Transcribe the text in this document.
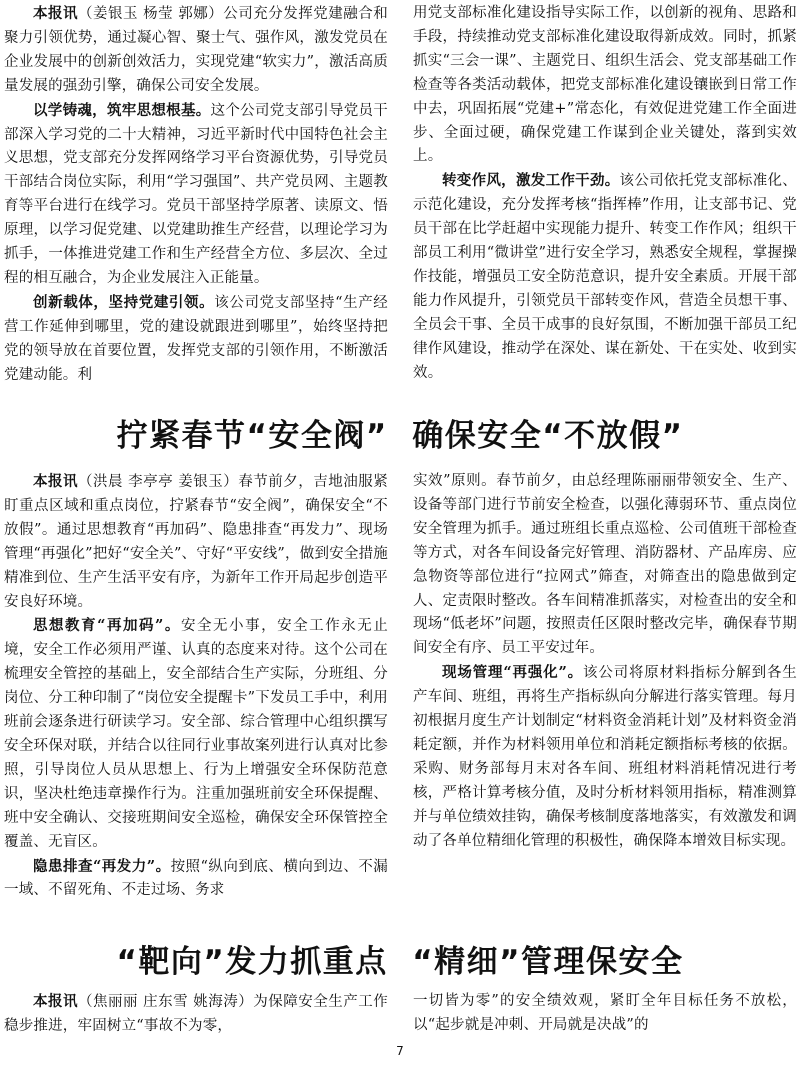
本报讯（姜银玉 杨莹 郭娜）公司充分发挥党建融合和聚力引领优势，通过凝心智、聚士气、强作风，激发党员在企业发展中的创新创效活力，实现党建“软实力”，激活高质量发展的强劲引擎，确保公司安全发展。

以学铸魂，筑牢思想根基。这个公司党支部引导党员干部深入学习党的二十大精神，习近平新时代中国特色社会主义思想，党支部充分发挥网络学习平台资源优势，引导党员干部结合岗位实际，利用“学习强国”、共产党员网、主题教育等平台进行在线学习。党员干部坚持学原著、读原文、悟原理，以学习促党建、以党建助推生产经营，以理论学习为抓手，一体推进党建工作和生产经营全方位、多层次、全过程的相互融合，为企业发展注入正能量。

创新载体，坚持党建引领。该公司党支部坚持“生产经营工作延伸到哪里，党的建设就跟进到哪里”，始终坚持把党的领导放在首要位置，发挥党支部的引领作用，不断激活党建动能。利

用党支部标准化建设指导实际工作，以创新的视角、思路和手段，持续推动党支部标准化建设取得新成效。同时，抓紧抓实“三会一课”、主题党日、组织生活会、党支部基础工作检查等各类活动载体，把党支部标准化建设镶嵌到日常工作中去，巩固拓展“党建+”常态化，有效促进党建工作全面进步、全面过硬，确保党建工作谋到企业关键处，落到实效上。

转变作风，激发工作干劲。该公司依托党支部标准化、示范化建设，充分发挥考核“指挥棒”作用，让支部书记、党员干部在比学赶超中实现能力提升、转变工作作风；组织干部员工利用“微讲堂”进行安全学习，熟悉安全规程，掌握操作技能，增强员工安全防范意识，提升安全素质。开展干部能力作风提升，引领党员干部转变作风，营造全员想干事、全员会干事、全员干成事的良好氛围，不断加强干部员工纪律作风建设，推动学在深处、谋在新处、干在实处、收到实效。

拧紧春节“安全阀”  确保安全“不放假”

本报讯（洪晨 李亭亭 姜银玉）春节前夕，吉地油服紧盯重点区域和重点岗位，拧紧春节“安全阀”，确保安全“不放假”。通过思想教育“再加码”、隐患排查“再发力”、现场管理“再强化”把好“安全关”、守好“平安线”，做到安全措施精准到位、生产生活平安有序，为新年工作开局起步创造平安良好环境。

思想教育“再加码”。安全无小事，安全工作永无止境，安全工作必须用严谨、认真的态度来对待。这个公司在梳理安全管控的基础上，安全部结合生产实际，分班组、分岗位、分工种印制了“岗位安全提醒卡”下发员工手中，利用班前会逐条进行研读学习。安全部、综合管理中心组织撰写安全环保对联，并结合以往同行业事故案列进行认真对比参照，引导岗位人员从思想上、行为上增强安全环保防范意识，坚决杜绝违章操作行为。注重加强班前安全环保提醒、班中安全确认、交接班期间安全巡检，确保安全环保管控全覆盖、无盲区。

隐患排查“再发力”。按照“纵向到底、横向到边、不漏一域、不留死角、不走过场、务求

实效”原则。春节前夕，由总经理陈丽丽带领安全、生产、设备等部门进行节前安全检查，以强化薄弱环节、重点岗位安全管理为抓手。通过班组长重点巡检、公司值班干部检查等方式，对各车间设备完好管理、消防器材、产品库房、应急物资等部位进行“拉网式”筛查，对筛查出的隐患做到定人、定责限时整改。各车间精准抓落实，对检查出的安全和现场“低老坏”问题，按照责任区限时整改完毕，确保春节期间安全有序、员工平安过年。

现场管理“再强化”。该公司将原材料指标分解到各生产车间、班组，再将生产指标纵向分解进行落实管理。每月初根据月度生产计划制定“材料资金消耗计划”及材料资金消耗定额，并作为材料领用单位和消耗定额指标考核的依据。采购、财务部每月末对各车间、班组材料消耗情况进行考核，严格计算考核分值，及时分析材料领用指标，精准测算并与单位绩效挂钩，确保考核制度落地落实，有效激发和调动了各单位精细化管理的积极性，确保降本增效目标实现。

“靶向”发力抓重点  “精细”管理保安全

本报讯（焦丽丽 庄东雪 姚海涛）为保障安全生产工作稳步推进，牢固树立“事故不为零，

一切皆为零”的安全绩效观，紧盯全年目标任务不放松，以“起步就是冲刺、开局就是决战”的

7
